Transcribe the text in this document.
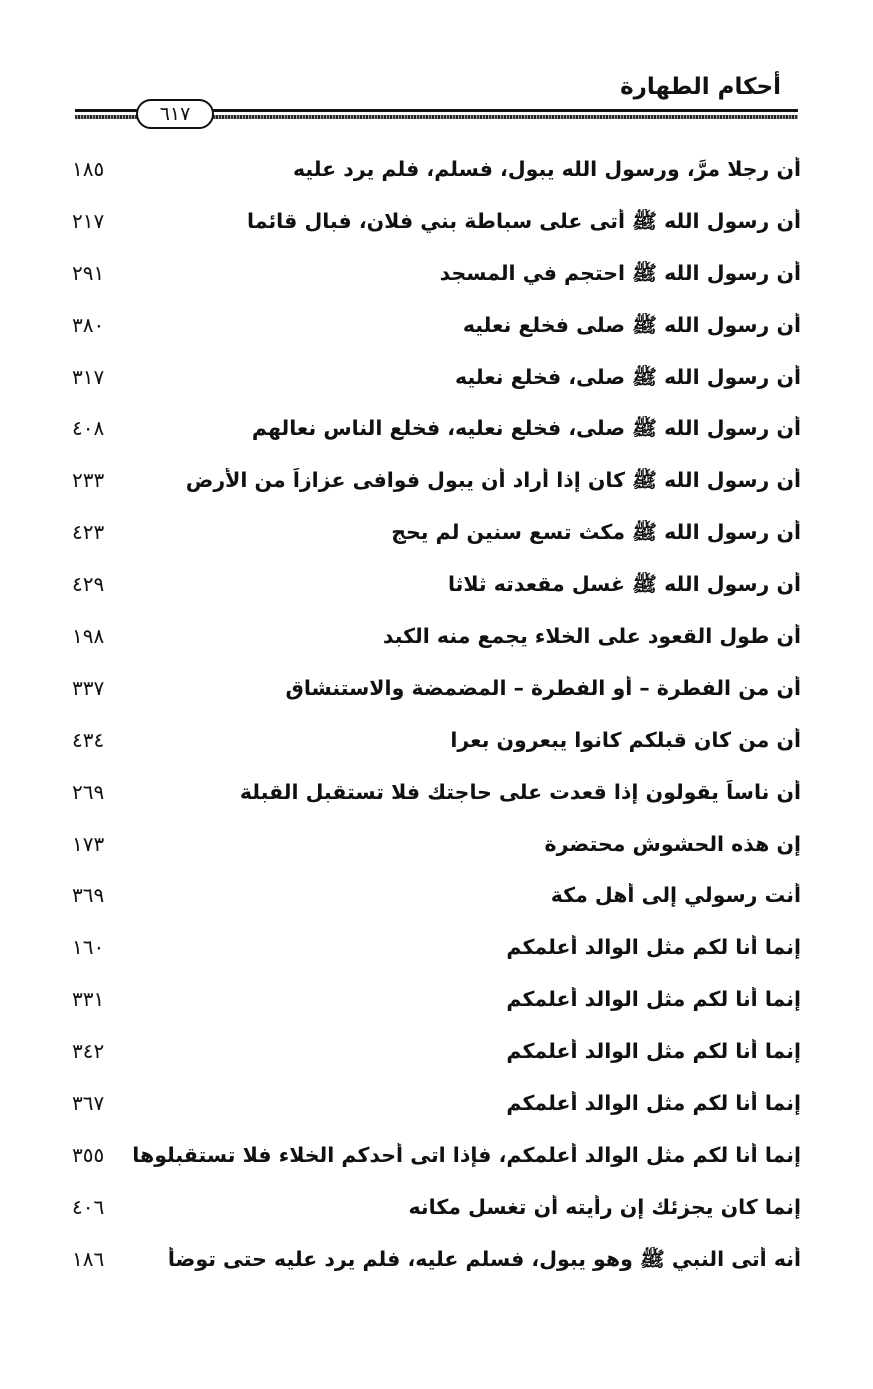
أحكام الطهارة
٦١٧
أن رجلا مرَّ، ورسول الله يبول، فسلم، فلم يرد عليه
١٨٥
أن رسول الله ﷺ أتى على سباطة بني فلان، فبال قائما
٢١٧
أن رسول الله ﷺ احتجم في المسجد
٢٩١
أن رسول الله ﷺ صلى فخلع نعليه
٣٨٠
أن رسول الله ﷺ صلى، فخلع نعليه
٣١٧
أن رسول الله ﷺ صلى، فخلع نعليه، فخلع الناس نعالهم
٤٠٨
أن رسول الله ﷺ كان إذا أراد أن يبول فوافى عزازاً من الأرض
٢٣٣
أن رسول الله ﷺ مكث تسع سنين لم يحج
٤٢٣
أن رسول الله ﷺ غسل مقعدته ثلاثا
٤٢٩
أن طول القعود على الخلاء يجمع منه الكبد
١٩٨
أن من الفطرة – أو الفطرة – المضمضة والاستنشاق
٣٣٧
أن من كان قبلكم كانوا يبعرون بعرا
٤٣٤
أن ناساً يقولون إذا قعدت على حاجتك فلا تستقبل القبلة
٢٦٩
إن هذه الحشوش محتضرة
١٧٣
أنت رسولي إلى أهل مكة
٣٦٩
إنما أنا لكم مثل الوالد أعلمكم
١٦٠
إنما أنا لكم مثل الوالد أعلمكم
٣٣١
إنما أنا لكم مثل الوالد أعلمكم
٣٤٢
إنما أنا لكم مثل الوالد أعلمكم
٣٦٧
إنما أنا لكم مثل الوالد أعلمكم، فإذا اتى أحدكم الخلاء فلا تستقبلوها
٣٥٥
إنما كان يجزئك إن رأيته أن تغسل مكانه
٤٠٦
أنه أتى النبي ﷺ وهو يبول، فسلم عليه، فلم يرد عليه حتى توضأ
١٨٦
